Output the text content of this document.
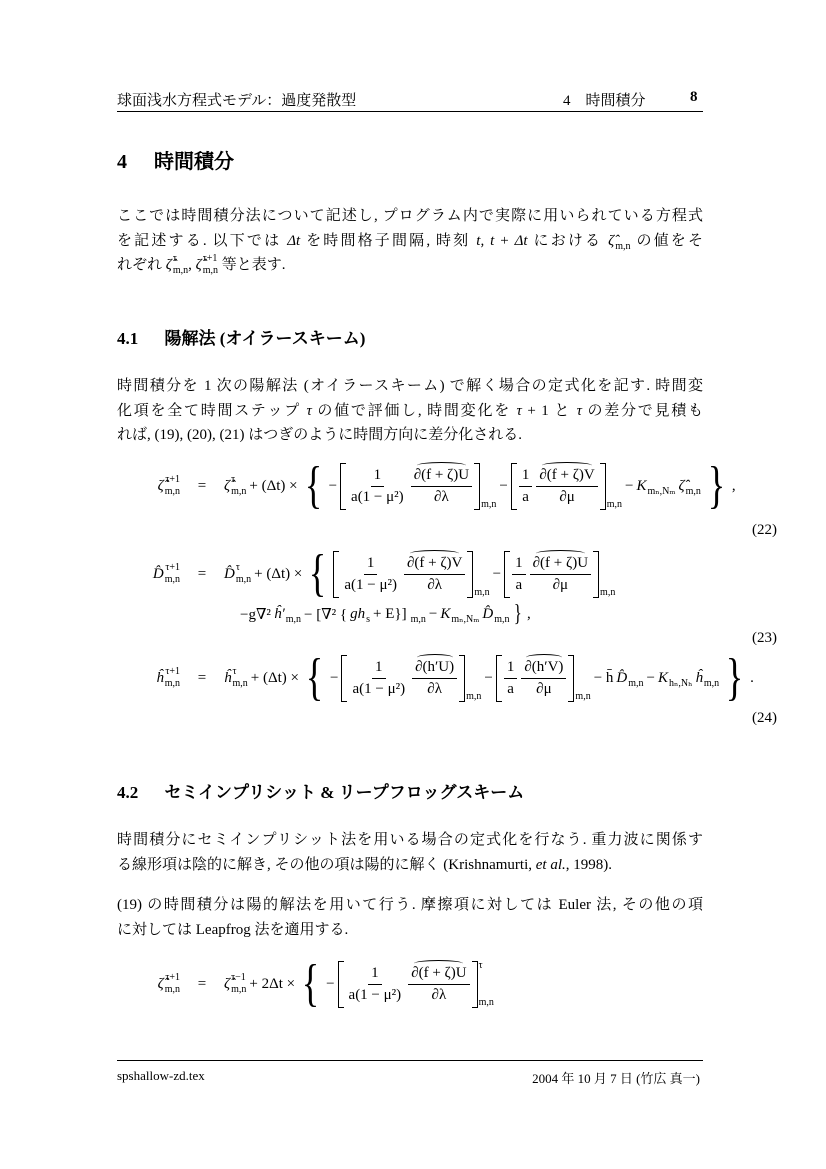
球面浅水方程式モデル：過度発散型	4　時間積分	8
4 時間積分
ここでは時間積分法について記述し, プログラム内で実際に用いられている方程式
を記述する. 以下では Δt を時間格子間隔, 時刻 t, t + Δt における ζ̂ m,n の値をそ
れぞれ ζ̂ τ
m,n , ζ̂ τ+1
m,n 等と表す.
4.1 陽解法 (オイラースキーム)
時間積分を 1 次の陽解法 (オイラースキーム) で解く場合の定式化を記す. 時間変
化項を全て時間ステップ τ の値で評価し, 時間変化を τ + 1 と τ の差分で見積も
れば, (19), (20), (21) はつぎのように時間方向に差分化される.
ζ̂ τ+1
m,n	=	ζ̂ τ
m,n + (Δt) × { − $\frac{1}{\text{a(1 − μ²)}} \frac{\partial(f + \zeta)U}{\partial\lambda} m,n$
− $\frac{1}{a} \frac{\partial(f + \zeta)V}{\partial\mu} m,n$
− K mₙ,Nₘ ζ̂ m,n } ,
(22)
D̂ τ+1
m,n	=	D̂ τ
m,n + (Δt) × { $\frac{1}{\text{a(1 − μ²)}} \frac{\partial(f + \zeta)V}{\partial\lambda} m,n$
− $\frac{1}{a} \frac{\partial(f + \zeta)U}{\partial\mu} m,n$
−g∇² ĥ′ m,n − [∇² { gh s + E}] m,n − K mₙ,Nₘ D̂ m,n } ,
(23)
ĥ τ+1
m,n	=	ĥ τ
m,n + (Δt) × { − $\frac{1}{\text{a(1 − μ²)}} \frac{\partial(h'U)}{\partial\lambda} m,n$
− $\frac{1}{a} \frac{\partial(h'V)}{\partial\mu} m,n$
− h̄ D̂ m,n − K hₙ,Nₕ ĥ m,n } .
(24)
4.2 セミインプリシット & リープフロッグスキーム
時間積分にセミインプリシット法を用いる場合の定式化を行なう. 重力波に関係す
る線形項は陰的に解き, その他の項は陽的に解く (Krishnamurti, et al., 1998).
(19) の時間積分は陽的解法を用いて行う. 摩擦項に対しては Euler 法, その他の項
に対しては Leapfrog 法を適用する.
ζ̂ τ+1
m,n	=	ζ̂ τ−1
m,n + 2Δt × { − $\frac{1}{\text{a(1 − μ²)}} \frac{\partial(f + \zeta)U}{\partial\lambda}$ τ
m,n
spshallow-zd.tex	2004 年 10 月 7 日 (竹広 真一)
